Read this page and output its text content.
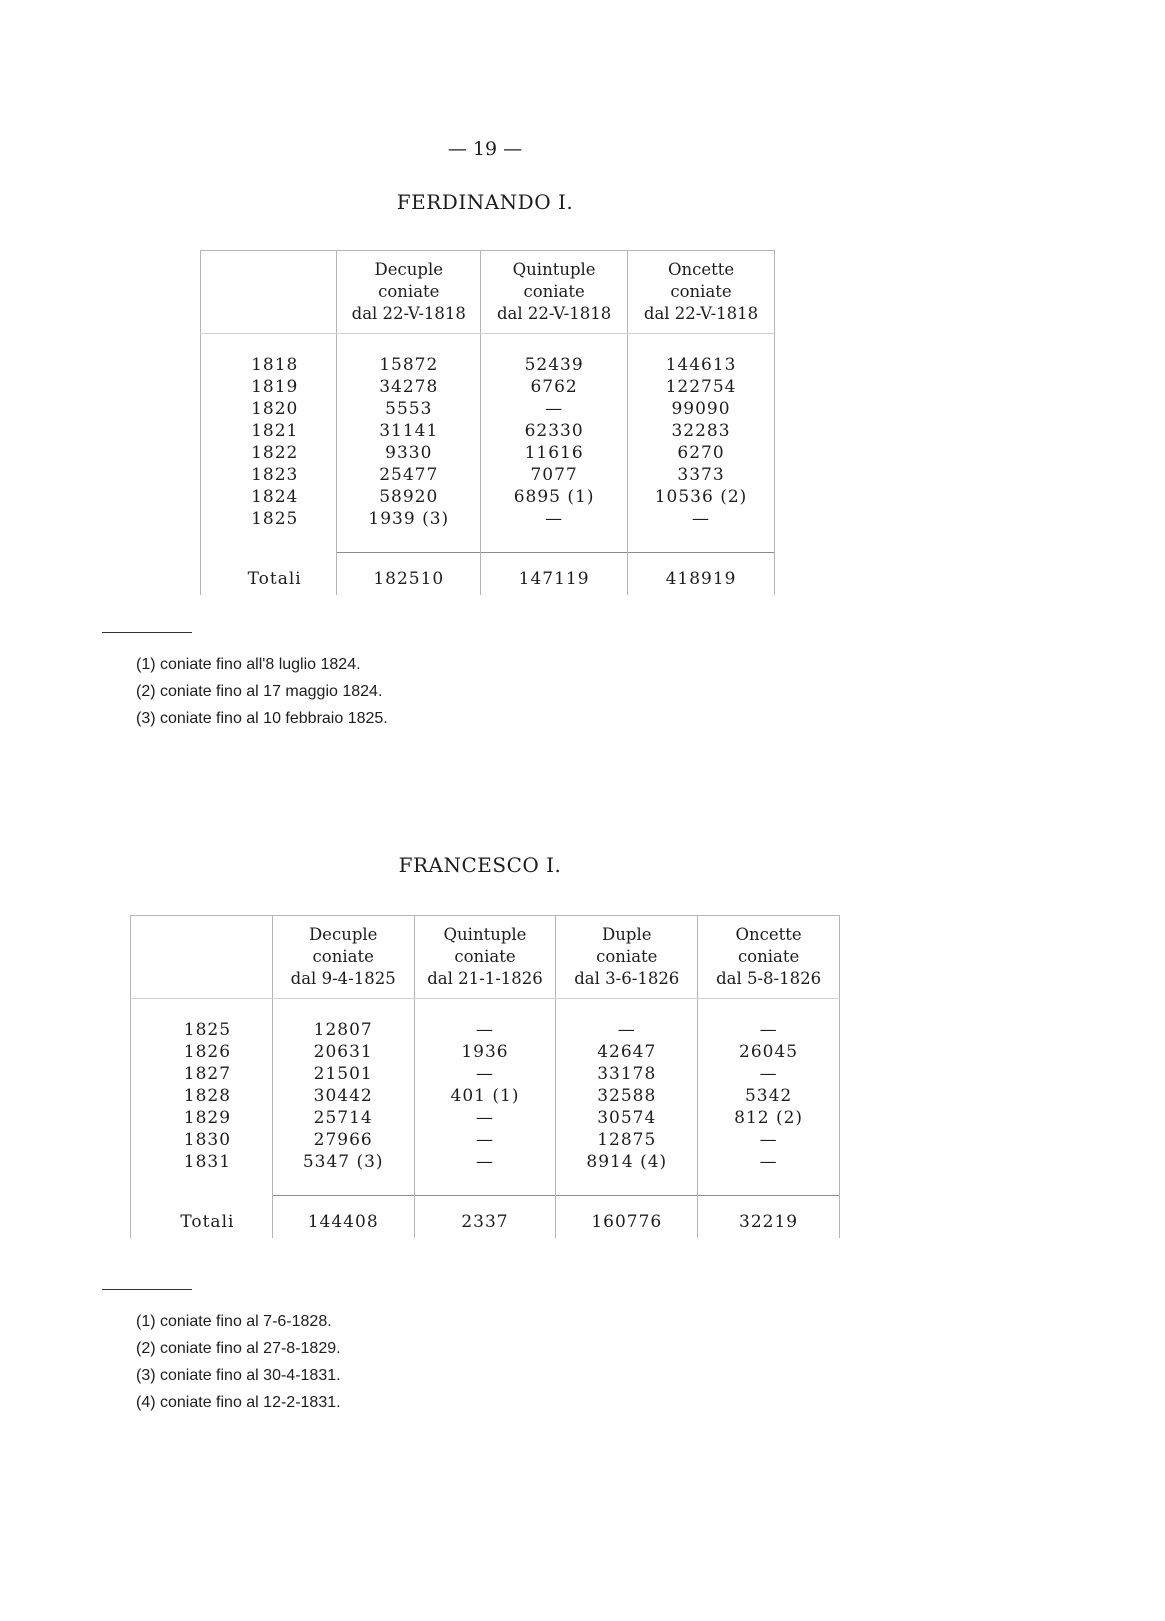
— 19 —
FERDINANDO I.
	Decuple
coniate
dal 22-V-1818	Quintuple
coniate
dal 22-V-1818	Oncette
coniate
dal 22-V-1818

1818	15872	52439	144613
1819	34278	6762	122754
1820	5553	—	99090
1821	31141	62330	32283
1822	9330	11616	6270
1823	25477	7077	3373
1824	58920	6895 (1)	10536 (2)
1825	1939 (3)	—	—

Totali	182510	147119	418919
(1) coniate fino all'8 luglio 1824.
(2) coniate fino al 17 maggio 1824.
(3) coniate fino al 10 febbraio 1825.
FRANCESCO I.
	Decuple
coniate
dal 9-4-1825	Quintuple
coniate
dal 21-1-1826	Duple
coniate
dal 3-6-1826	Oncette
coniate
dal 5-8-1826

1825	12807	—	—	—
1826	20631	1936	42647	26045
1827	21501	—	33178	—
1828	30442	401 (1)	32588	5342
1829	25714	—	30574	812 (2)
1830	27966	—	12875	—
1831	5347 (3)	—	8914 (4)	—

Totali	144408	2337	160776	32219
(1) coniate fino al 7-6-1828.
(2) coniate fino al 27-8-1829.
(3) coniate fino al 30-4-1831.
(4) coniate fino al 12-2-1831.
